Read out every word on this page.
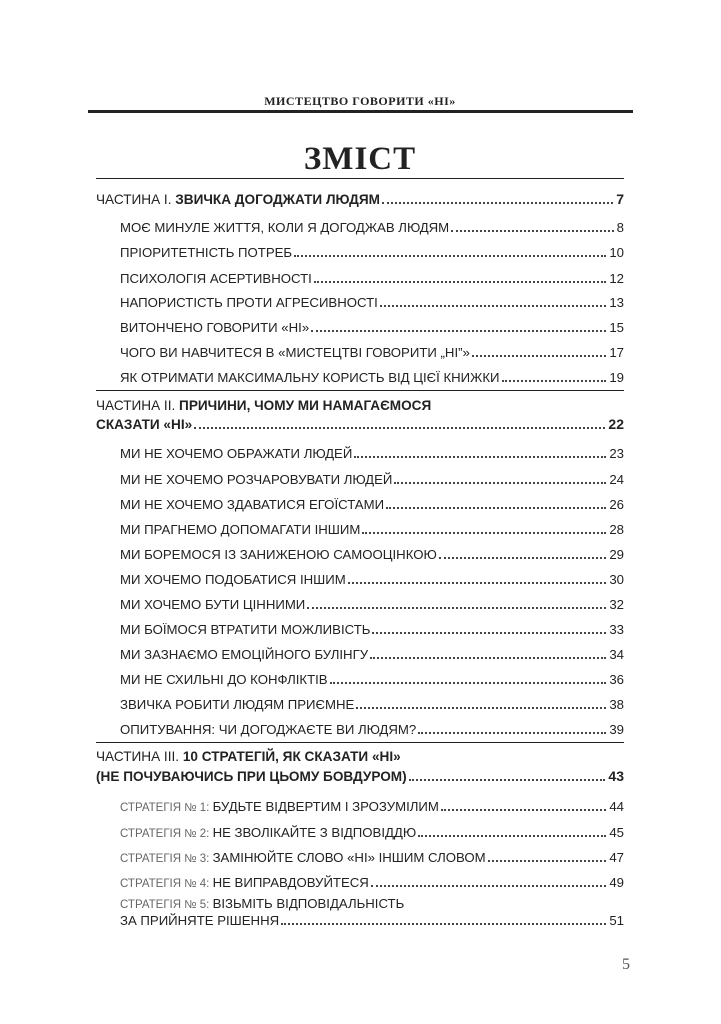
МИСТЕЦТВО ГОВОРИТИ «НІ»
ЗМІСТ
ЧАСТИНА I. ЗВИЧКА ДОГОДЖАТИ ЛЮДЯМ	7
МОЄ МИНУЛЕ ЖИТТЯ, КОЛИ Я ДОГОДЖАВ ЛЮДЯМ	8
ПРІОРИТЕТНІСТЬ ПОТРЕБ	10
ПСИХОЛОГІЯ АСЕРТИВНОСТІ	12
НАПОРИСТІСТЬ ПРОТИ АГРЕСИВНОСТІ	13
ВИТОНЧЕНО ГОВОРИТИ «НІ»	15
ЧОГО ВИ НАВЧИТЕСЯ В «МИСТЕЦТВІ ГОВОРИТИ „НІ”»	17
ЯК ОТРИМАТИ МАКСИМАЛЬНУ КОРИСТЬ ВІД ЦІЄЇ КНИЖКИ	19
ЧАСТИНА II. ПРИЧИНИ, ЧОМУ МИ НАМАГАЄМОСЯ
СКАЗАТИ «НІ»	22
МИ НЕ ХОЧЕМО ОБРАЖАТИ ЛЮДЕЙ	23
МИ НЕ ХОЧЕМО РОЗЧАРОВУВАТИ ЛЮДЕЙ	24
МИ НЕ ХОЧЕМО ЗДАВАТИСЯ ЕГОЇСТАМИ	26
МИ ПРАГНЕМО ДОПОМАГАТИ ІНШИМ	28
МИ БОРЕМОСЯ ІЗ ЗАНИЖЕНОЮ САМООЦІНКОЮ	29
МИ ХОЧЕМО ПОДОБАТИСЯ ІНШИМ	30
МИ ХОЧЕМО БУТИ ЦІННИМИ	32
МИ БОЇМОСЯ ВТРАТИТИ МОЖЛИВІСТЬ	33
МИ ЗАЗНАЄМО ЕМОЦІЙНОГО БУЛІНГУ	34
МИ НЕ СХИЛЬНІ ДО КОНФЛІКТІВ	36
ЗВИЧКА РОБИТИ ЛЮДЯМ ПРИЄМНЕ	38
ОПИТУВАННЯ: ЧИ ДОГОДЖАЄТЕ ВИ ЛЮДЯМ?	39
ЧАСТИНА III. 10 СТРАТЕГІЙ, ЯК СКАЗАТИ «НІ»
(НЕ ПОЧУВАЮЧИСЬ ПРИ ЦЬОМУ БОВДУРОМ)	43
СТРАТЕГІЯ № 1: БУДЬТЕ ВІДВЕРТИМ І ЗРОЗУМІЛИМ	44
СТРАТЕГІЯ № 2: НЕ ЗВОЛІКАЙТЕ З ВІДПОВІДДЮ	45
СТРАТЕГІЯ № 3: ЗАМІНЮЙТЕ СЛОВО «НІ» ІНШИМ СЛОВОМ	47
СТРАТЕГІЯ № 4: НЕ ВИПРАВДОВУЙТЕСЯ	49
СТРАТЕГІЯ № 5: ВІЗЬМІТЬ ВІДПОВІДАЛЬНІСТЬ
ЗА ПРИЙНЯТЕ РІШЕННЯ	51
5
